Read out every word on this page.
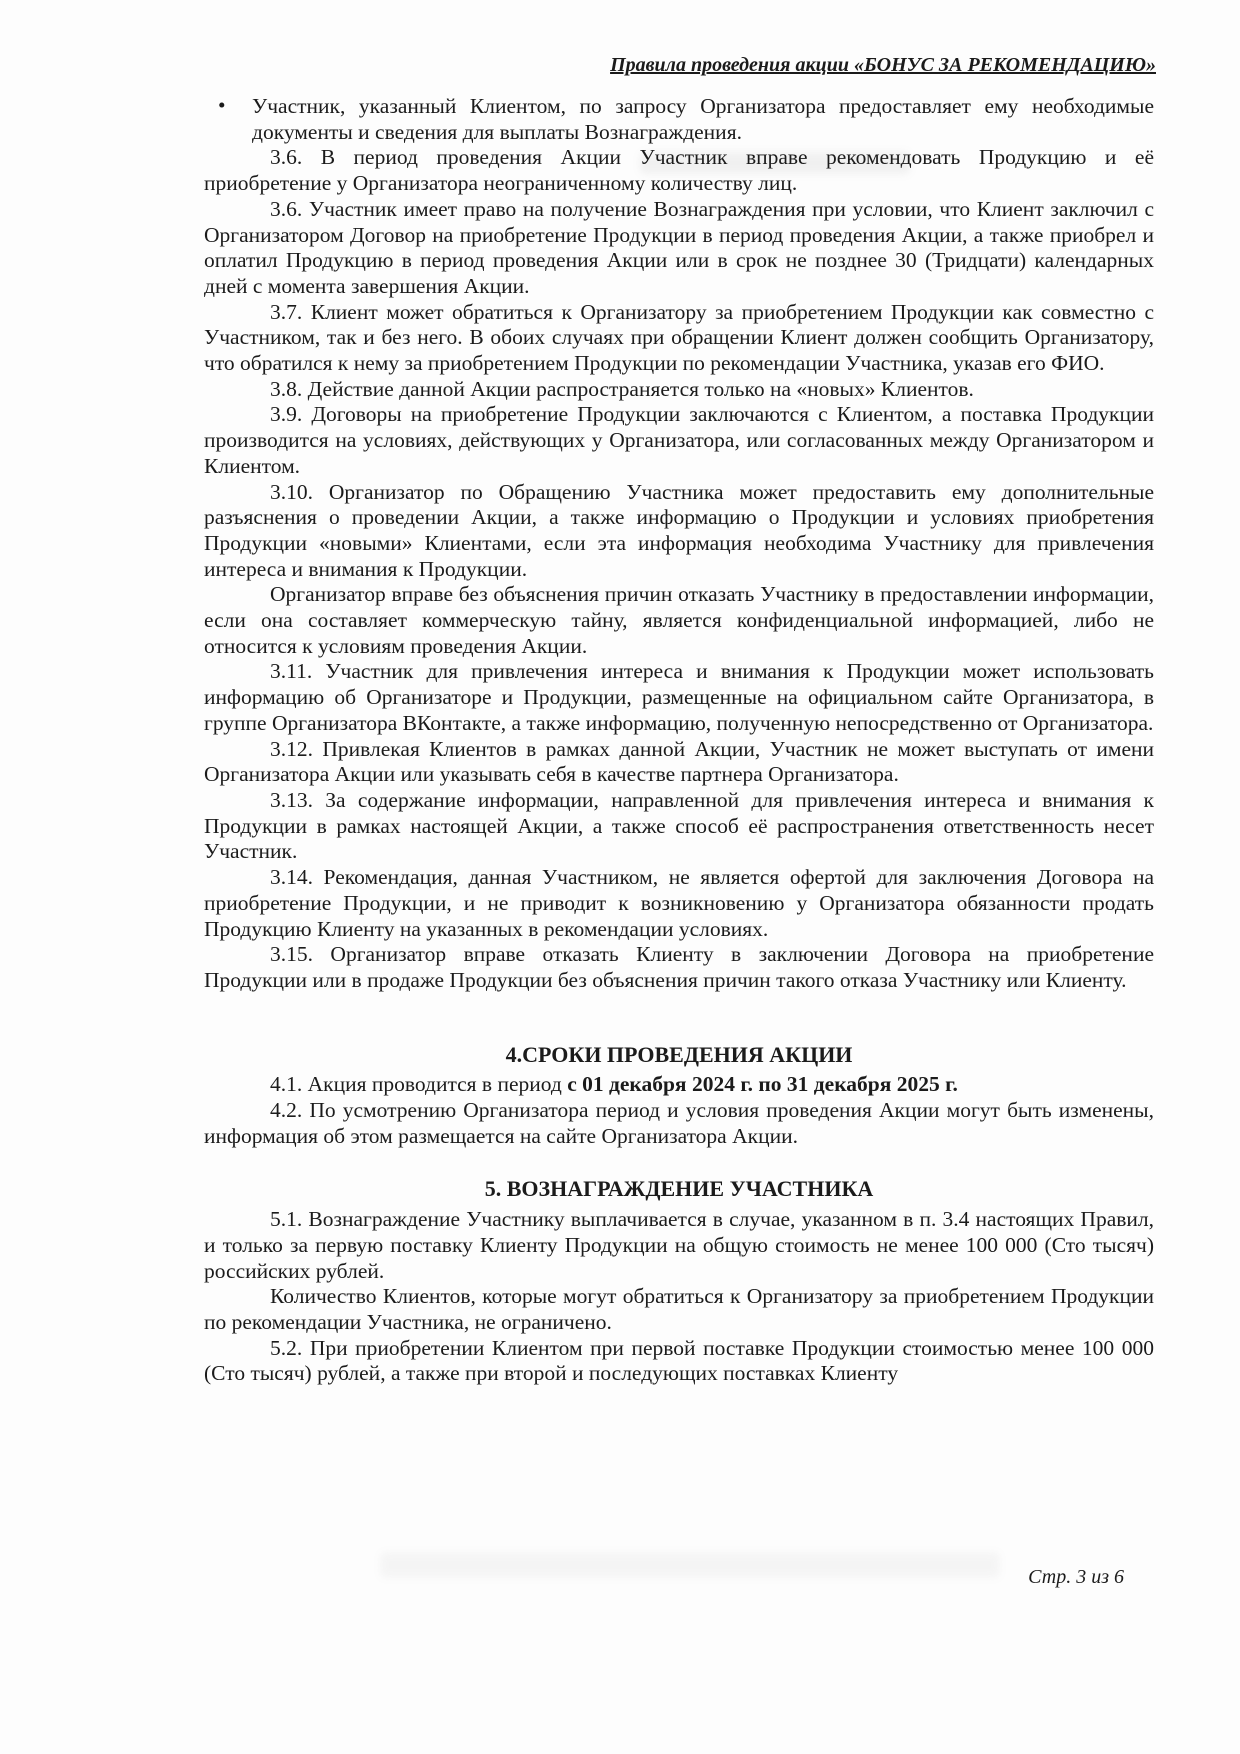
Правила проведения акции «БОНУС ЗА РЕКОМЕНДАЦИЮ»
• Участник, указанный Клиентом, по запросу Организатора предоставляет ему необходимые документы и сведения для выплаты Вознаграждения.

3.6. В период проведения Акции Участник вправе рекомендовать Продукцию и её приобретение у Организатора неограниченному количеству лиц.

3.6. Участник имеет право на получение Вознаграждения при условии, что Клиент заключил с Организатором Договор на приобретение Продукции в период проведения Акции, а также приобрел и оплатил Продукцию в период проведения Акции или в срок не позднее 30 (Тридцати) календарных дней с момента завершения Акции.

3.7. Клиент может обратиться к Организатору за приобретением Продукции как совместно с Участником, так и без него. В обоих случаях при обращении Клиент должен сообщить Организатору, что обратился к нему за приобретением Продукции по рекомендации Участника, указав его ФИО.

3.8. Действие данной Акции распространяется только на «новых» Клиентов.

3.9. Договоры на приобретение Продукции заключаются с Клиентом, а поставка Продукции производится на условиях, действующих у Организатора, или согласованных между Организатором и Клиентом.

3.10. Организатор по Обращению Участника может предоставить ему дополнительные разъяснения о проведении Акции, а также информацию о Продукции и условиях приобретения Продукции «новыми» Клиентами, если эта информация необходима Участнику для привлечения интереса и внимания к Продукции.

Организатор вправе без объяснения причин отказать Участнику в предоставлении информации, если она составляет коммерческую тайну, является конфиденциальной информацией, либо не относится к условиям проведения Акции.

3.11. Участник для привлечения интереса и внимания к Продукции может использовать информацию об Организаторе и Продукции, размещенные на официальном сайте Организатора, в группе Организатора ВКонтакте, а также информацию, полученную непосредственно от Организатора.

3.12. Привлекая Клиентов в рамках данной Акции, Участник не может выступать от имени Организатора Акции или указывать себя в качестве партнера Организатора.

3.13. За содержание информации, направленной для привлечения интереса и внимания к Продукции в рамках настоящей Акции, а также способ её распространения ответственность несет Участник.

3.14. Рекомендация, данная Участником, не является офертой для заключения Договора на приобретение Продукции, и не приводит к возникновению у Организатора обязанности продать Продукцию Клиенту на указанных в рекомендации условиях.

3.15. Организатор вправе отказать Клиенту в заключении Договора на приобретение Продукции или в продаже Продукции без объяснения причин такого отказа Участнику или Клиенту.

4.СРОКИ ПРОВЕДЕНИЯ АКЦИИ

4.1. Акция проводится в период с 01 декабря 2024 г. по 31 декабря 2025 г.

4.2. По усмотрению Организатора период и условия проведения Акции могут быть изменены, информация об этом размещается на сайте Организатора Акции.

5. ВОЗНАГРАЖДЕНИЕ УЧАСТНИКА

5.1. Вознаграждение Участнику выплачивается в случае, указанном в п. 3.4 настоящих Правил, и только за первую поставку Клиенту Продукции на общую стоимость не менее 100 000 (Сто тысяч) российских рублей.

Количество Клиентов, которые могут обратиться к Организатору за приобретением Продукции по рекомендации Участника, не ограничено.

5.2. При приобретении Клиентом при первой поставке Продукции стоимостью менее 100 000 (Сто тысяч) рублей, а также при второй и последующих поставках Клиенту

Стр. 3 из 6
